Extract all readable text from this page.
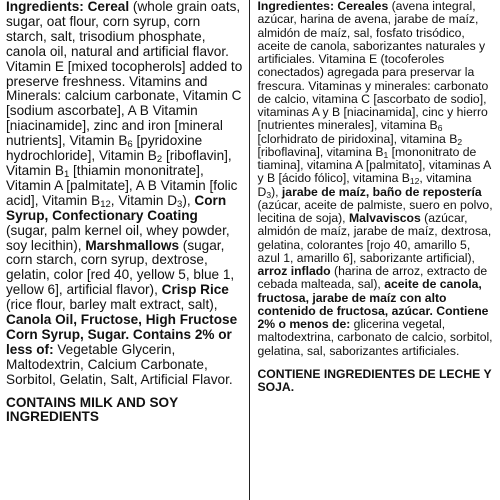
Ingredients: Cereal (whole grain oats, sugar, oat flour, corn syrup, corn starch, salt, trisodium phosphate, canola oil, natural and artificial flavor. Vitamin E [mixed tocopherols] added to preserve freshness. Vitamins and Minerals: calcium carbonate, Vitamin C [sodium ascorbate], A B Vitamin [niacinamide], zinc and iron [mineral nutrients], Vitamin $B_6$ [pyridoxine hydrochloride], Vitamin $B_2$ [riboflavin], Vitamin $B_1$ [thiamin mononitrate], Vitamin A [palmitate], A B Vitamin [folic acid], Vitamin $B_{12}$, Vitamin $D_3$), Corn Syrup, Confectionary Coating (sugar, palm kernel oil, whey powder, soy lecithin), Marshmallows (sugar, corn starch, corn syrup, dextrose, gelatin, color [red 40, yellow 5, blue 1, yellow 6], artificial flavor), Crisp Rice (rice flour, barley malt extract, salt), Canola Oil, Fructose, High Fructose Corn Syrup, Sugar. Contains 2% or less of: Vegetable Glycerin, Maltodextrin, Calcium Carbonate, Sorbitol, Gelatin, Salt, Artificial Flavor.

CONTAINS MILK AND SOY INGREDIENTS

Ingredientes: Cereales (avena integral, azúcar, harina de avena, jarabe de maíz, almidón de maíz, sal, fosfato trisódico, aceite de canola, saborizantes naturales y artificiales. Vitamina E (tocoferoles conectados) agregada para preservar la frescura. Vitaminas y minerales: carbonato de calcio, vitamina C [ascorbato de sodio], vitaminas A y B [niacinamida], cinc y hierro [nutrientes minerales], vitamina $B_6$ [clorhidrato de piridoxina], vitamina $B_2$ [riboflavina], vitamina $B_1$ [mononitrato de tiamina], vitamina A [palmitato], vitaminas A y B [ácido fólico], vitamina $B_{12}$, vitamina $D_3$), jarabe de maíz, baño de repostería (azúcar, aceite de palmiste, suero en polvo, lecitina de soja), Malvaviscos (azúcar, almidón de maíz, jarabe de maíz, dextrosa, gelatina, colorantes [rojo 40, amarillo 5, azul 1, amarillo 6], saborizante artificial), arroz inflado (harina de arroz, extracto de cebada malteada, sal), aceite de canola, fructosa, jarabe de maíz con alto contenido de fructosa, azúcar. Contiene 2% o menos de: glicerina vegetal, maltodextrina, carbonato de calcio, sorbitol, gelatina, sal, saborizantes artificiales.

CONTIENE INGREDIENTES DE LECHE Y SOJA.
